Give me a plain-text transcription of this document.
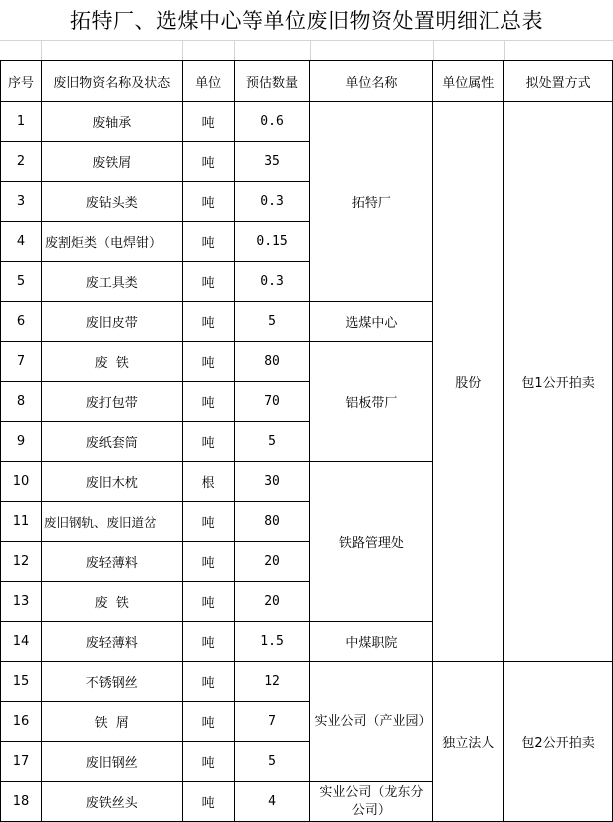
拓特厂、选煤中心等单位废旧物资处置明细汇总表
序号	废旧物资名称及状态	单位	预估数量	单位名称	单位属性	拟处置方式
1	废轴承	吨	0.6	拓特厂	股份	包1公开拍卖
2	废铁屑	吨	35			
3	废钻头类	吨	0.3			
4	废割炬类（电焊钳）	吨	0.15			
5	废工具类	吨	0.3			
6	废旧皮带	吨	5	选煤中心		
7	废  铁	吨	80	铝板带厂		
8	废打包带	吨	70			
9	废纸套筒	吨	5			
10	废旧木枕	根	30	铁路管理处		
11	废旧钢轨、废旧道岔	吨	80			
12	废轻薄料	吨	20			
13	废  铁	吨	20			
14	废轻薄料	吨	1.5	中煤职院		
15	不锈钢丝	吨	12	实业公司（产业园）	独立法人	包2公开拍卖
16	铁  屑	吨	7			
17	废旧钢丝	吨	5			
18	废铁丝头	吨	4	实业公司（龙东分公司）		
